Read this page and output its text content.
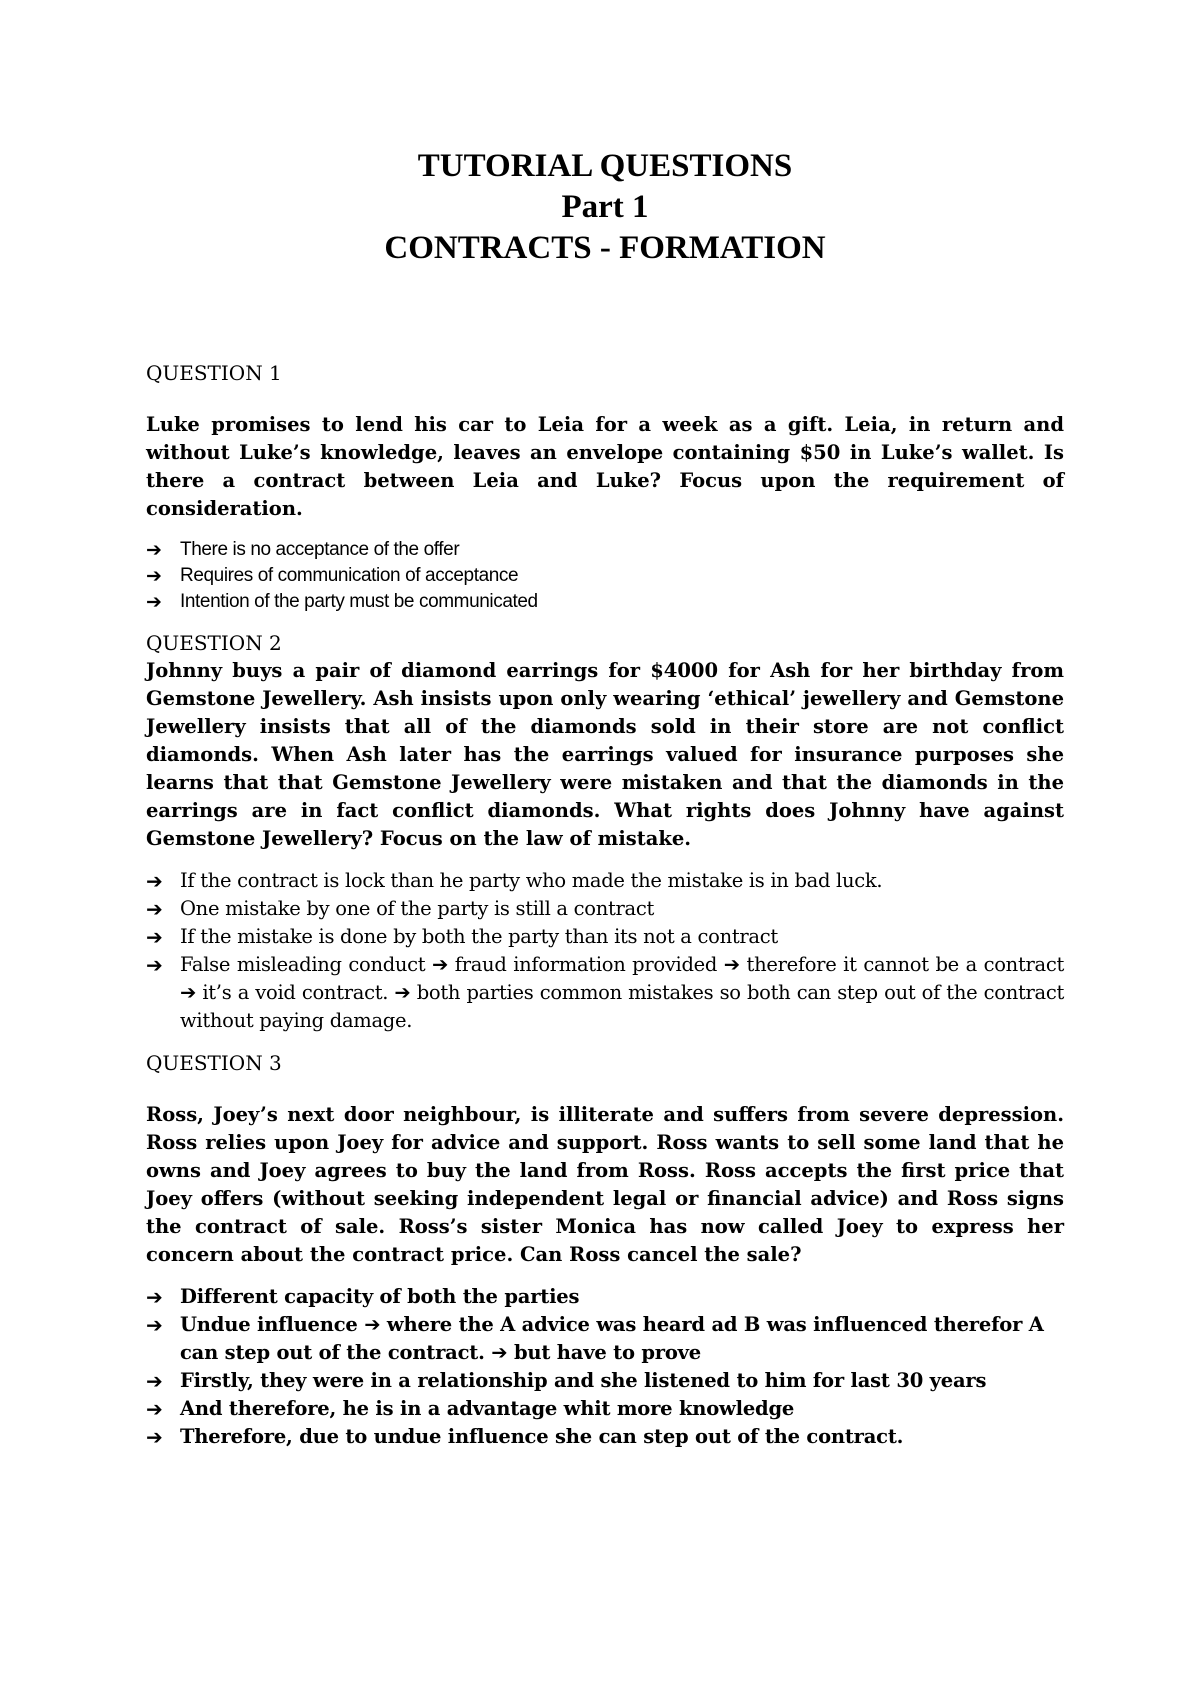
TUTORIAL QUESTIONS
Part 1
CONTRACTS - FORMATION

QUESTION 1

Luke promises to lend his car to Leia for a week as a gift. Leia, in return and without Luke’s knowledge, leaves an envelope containing $50 in Luke’s wallet. Is there a contract between Leia and Luke? Focus upon the requirement of consideration.

➔ There is no acceptance of the offer
➔ Requires of communication of acceptance
➔ Intention of the party must be communicated

QUESTION 2

Johnny buys a pair of diamond earrings for $4000 for Ash for her birthday from Gemstone Jewellery. Ash insists upon only wearing ‘ethical’ jewellery and Gemstone Jewellery insists that all of the diamonds sold in their store are not conflict diamonds. When Ash later has the earrings valued for insurance purposes she learns that that Gemstone Jewellery were mistaken and that the diamonds in the earrings are in fact conflict diamonds. What rights does Johnny have against Gemstone Jewellery? Focus on the law of mistake.

➔ If the contract is lock than he party who made the mistake is in bad luck.
➔ One mistake by one of the party is still a contract
➔ If the mistake is done by both the party than its not a contract
➔ False misleading conduct ➔ fraud information provided ➔ therefore it cannot be a contract ➔ it’s a void contract. ➔ both parties common mistakes so both can step out of the contract without paying damage.

QUESTION 3

Ross, Joey’s next door neighbour, is illiterate and suffers from severe depression. Ross relies upon Joey for advice and support. Ross wants to sell some land that he owns and Joey agrees to buy the land from Ross. Ross accepts the first price that Joey offers (without seeking independent legal or financial advice) and Ross signs the contract of sale. Ross’s sister Monica has now called Joey to express her concern about the contract price. Can Ross cancel the sale?

➔ Different capacity of both the parties
➔ Undue influence ➔ where the A advice was heard ad B was influenced therefor A can step out of the contract. ➔ but have to prove
➔ Firstly, they were in a relationship and she listened to him for last 30 years
➔ And therefore, he is in a advantage whit more knowledge
➔ Therefore, due to undue influence she can step out of the contract.
